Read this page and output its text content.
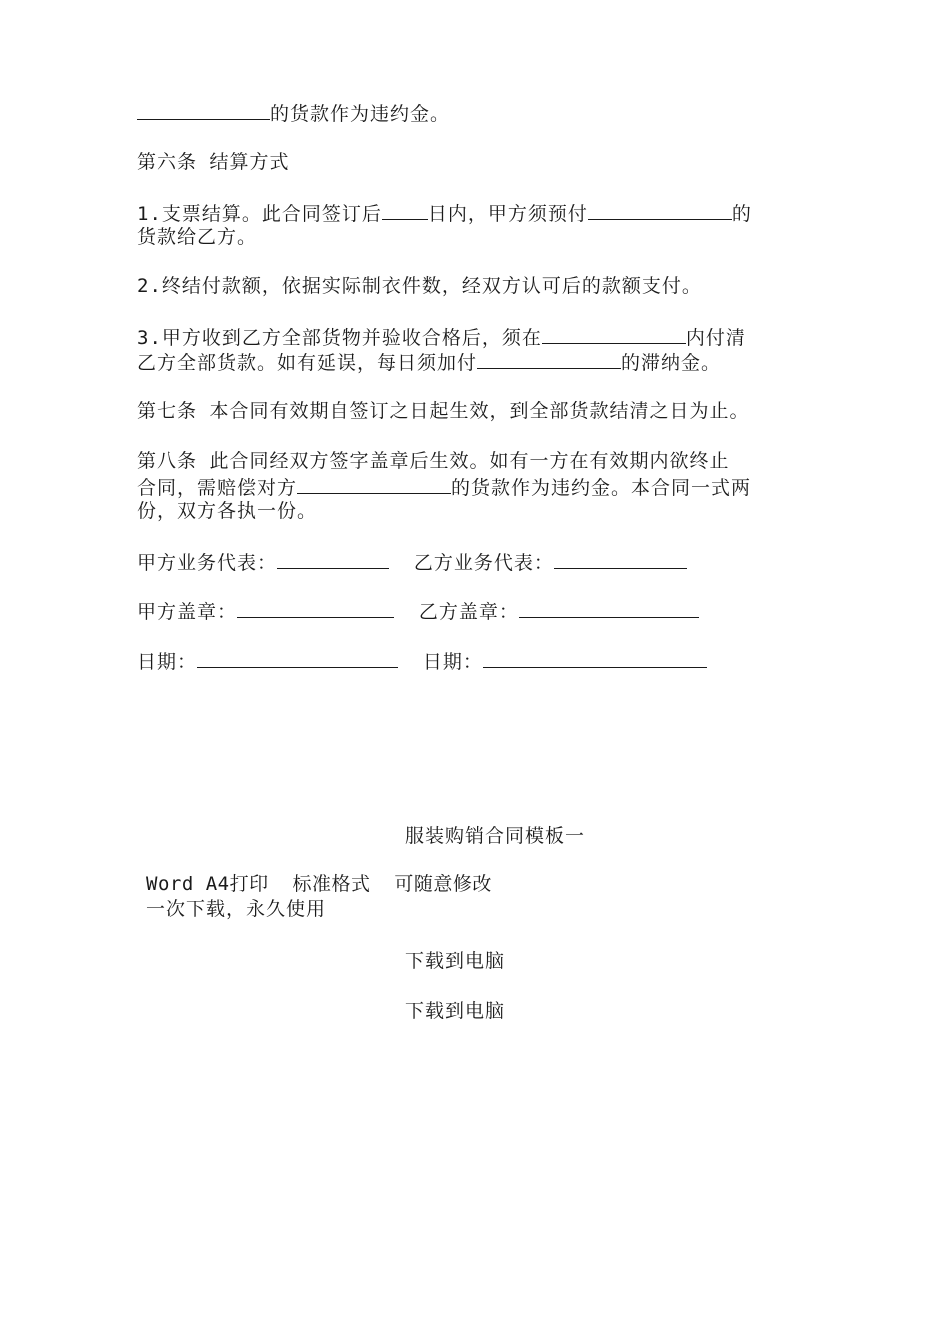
的货款作为违约金。
第六条 结算方式
1.支票结算。此合同签订后 日内，甲方须预付	的
货款给乙方。
2.终结付款额，依据实际制衣件数，经双方认可后的款额支付。
3.甲方收到乙方全部货物并验收合格后，须在	内付清
乙方全部货款。如有延误，每日须加付	的滞纳金。
第七条 本合同有效期自签订之日起生效，到全部货款结清之日为止。
第八条 此合同经双方签字盖章后生效。如有一方在有效期内欲终止
合同，需赔偿对方	的货款作为违约金。本合同一式两
份，双方各执一份。
甲方业务代表：	乙方业务代表：
甲方盖章：	乙方盖章：
日期：	日期：
服装购销合同模板一
Word A4打印  标准格式  可随意修改
一次下载，永久使用
下载到电脑
下载到电脑
